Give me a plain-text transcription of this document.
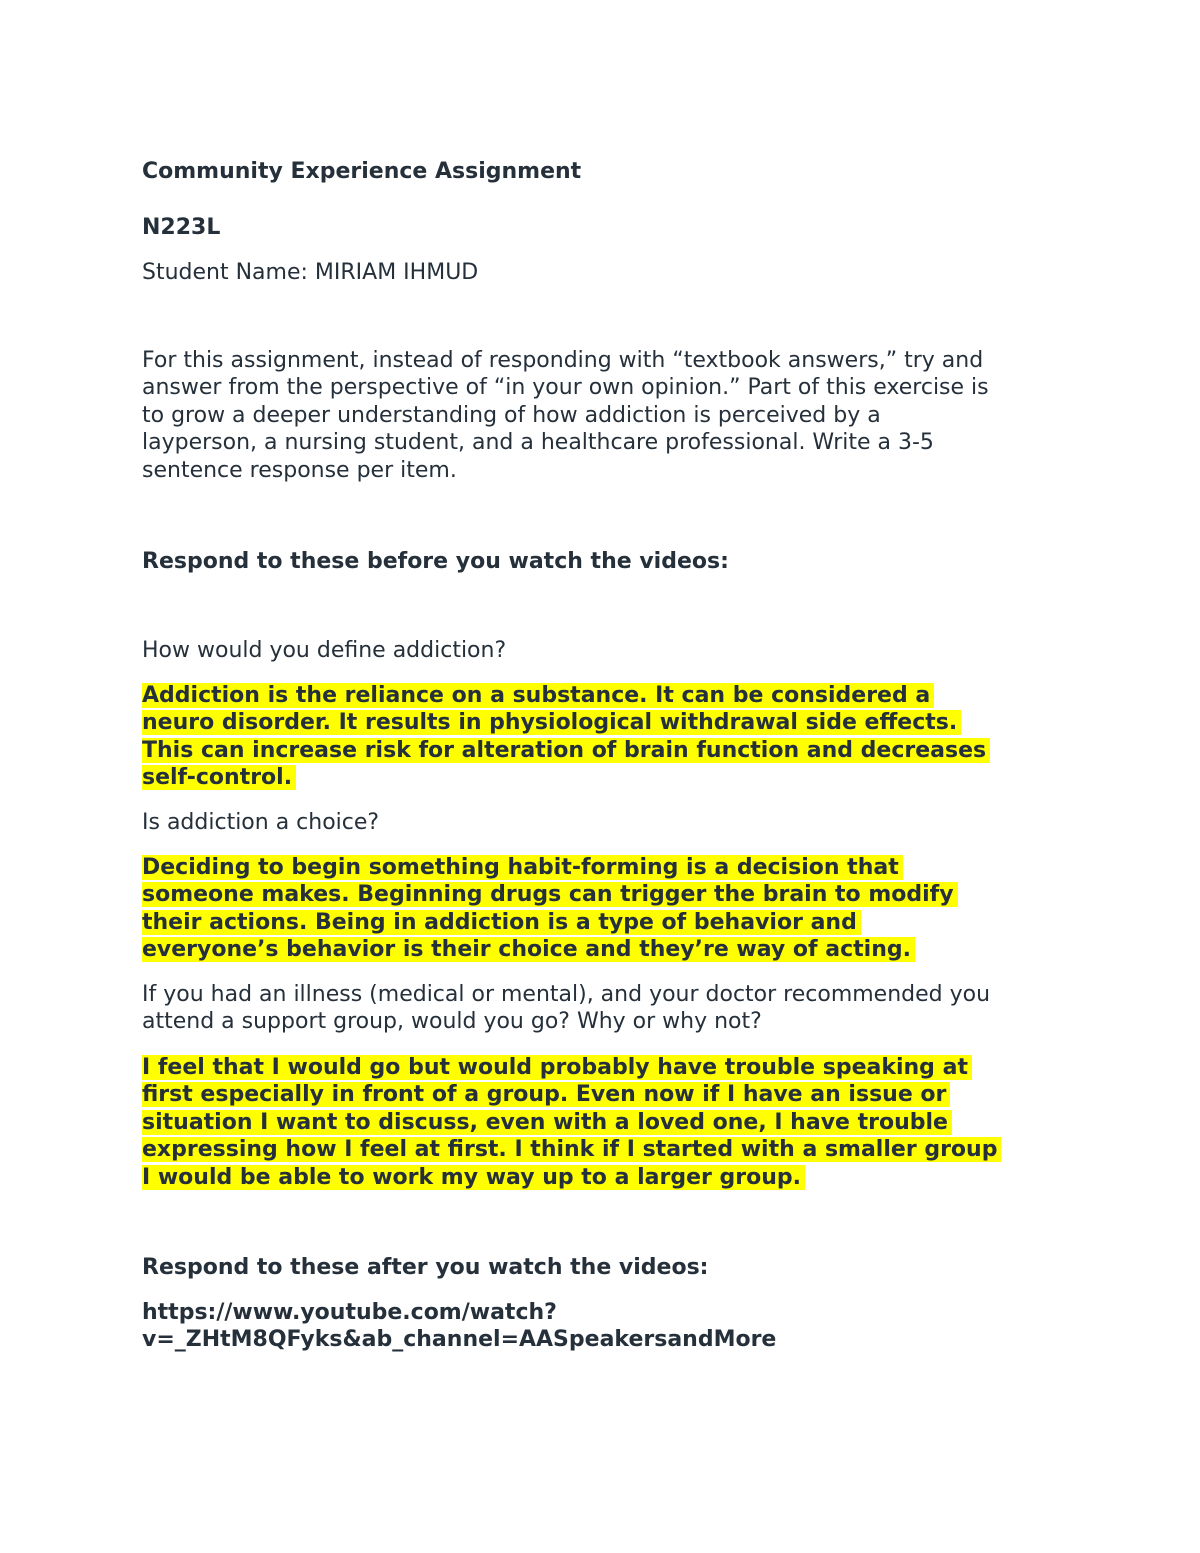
Community Experience Assignment
N223L
Student Name: MIRIAM IHMUD
For this assignment, instead of responding with “textbook answers,” try and
answer from the perspective of “in your own opinion.” Part of this exercise is
to grow a deeper understanding of how addiction is perceived by a
layperson, a nursing student, and a healthcare professional. Write a 3-5
sentence response per item.
Respond to these before you watch the videos:
How would you define addiction?
Addiction is the reliance on a substance. It can be considered a
neuro disorder. It results in physiological withdrawal side effects.
This can increase risk for alteration of brain function and decreases
self-control.
Is addiction a choice?
Deciding to begin something habit-forming is a decision that
someone makes. Beginning drugs can trigger the brain to modify
their actions. Being in addiction is a type of behavior and
everyone’s behavior is their choice and they’re way of acting.
If you had an illness (medical or mental), and your doctor recommended you
attend a support group, would you go? Why or why not?
I feel that I would go but would probably have trouble speaking at
first especially in front of a group. Even now if I have an issue or
situation I want to discuss, even with a loved one, I have trouble
expressing how I feel at first. I think if I started with a smaller group
I would be able to work my way up to a larger group.
Respond to these after you watch the videos:
https://www.youtube.com/watch?
v=_ZHtM8QFyks&ab_channel=AASpeakersandMore
